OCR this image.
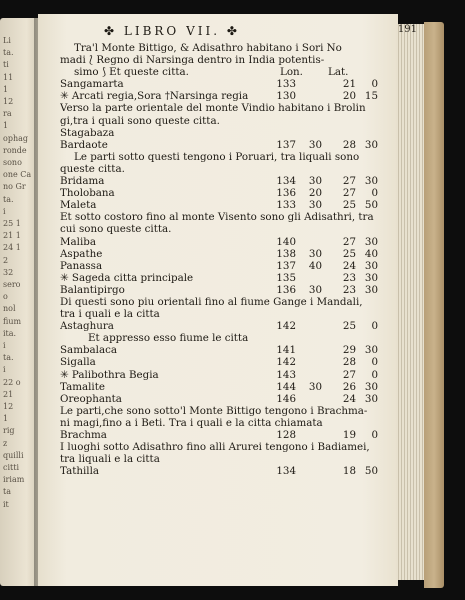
Li
ta.
ti
11
1
12
ra
1
ophag
ronde
sono
one Ca
no Gr
ta.
i
25 1
21 1
24 1
2
32
sero
o
nol
fium
ita.
i
ta.
i
22 o
21
12
1
rig
z
quilli
citti
iriam
ta
it
✤ LIBRO VII. ✤	191
Tra'l Monte Bittigo, & Adisathro habitano i Sori No
madi ⟅ Regno di Narsinga dentro in India potentis-
simo ⟆ Et queste citta.	Lon.	Lat.
Sangamarta	133	21	0
✳ Arcati regia,Sora †Narsinga regia	130	20 15
Verso la parte orientale del monte Vindio habitano i Brolin
gi,tra i quali sono queste citta.
Stagabaza
Bardaote	137	30	28 30
Le parti sotto questi tengono i Poruari, tra liquali sono
queste citta.
Bridama	134	30	27 30
Tholobana	136	20	27	0
Maleta	133	30	25 50
Et sotto costoro fino al monte Visento sono gli Adisathri, tra
cui sono queste citta.
Maliba	140	27 30
Aspathe	138	30	25 40
Panassa	137	40	24 30
✳ Sageda citta principale	135	23 30
Balantipirgo	136	30	23 30
Di questi sono piu orientali fino al fiume Gange i Mandali,
tra i quali e la citta
Astaghura	142	25	0
Et appresso esso fiume le citta
Sambalaca	141	29 30
Sigalla	142	28	0
✳ Palibothra Begia	143	27	0
Tamalite	144	30	26 30
Oreophanta	146	24 30
Le parti,che sono sotto'l Monte Bittigo tengono i Brachma-
ni magi,fino a i Beti. Tra i quali e la citta chiamata
Brachma	128	19	0
I luoghi sotto Adisathro fino alli Arurei tengono i Badiamei,
tra liquali e la citta
Tathilla	134	18 50
